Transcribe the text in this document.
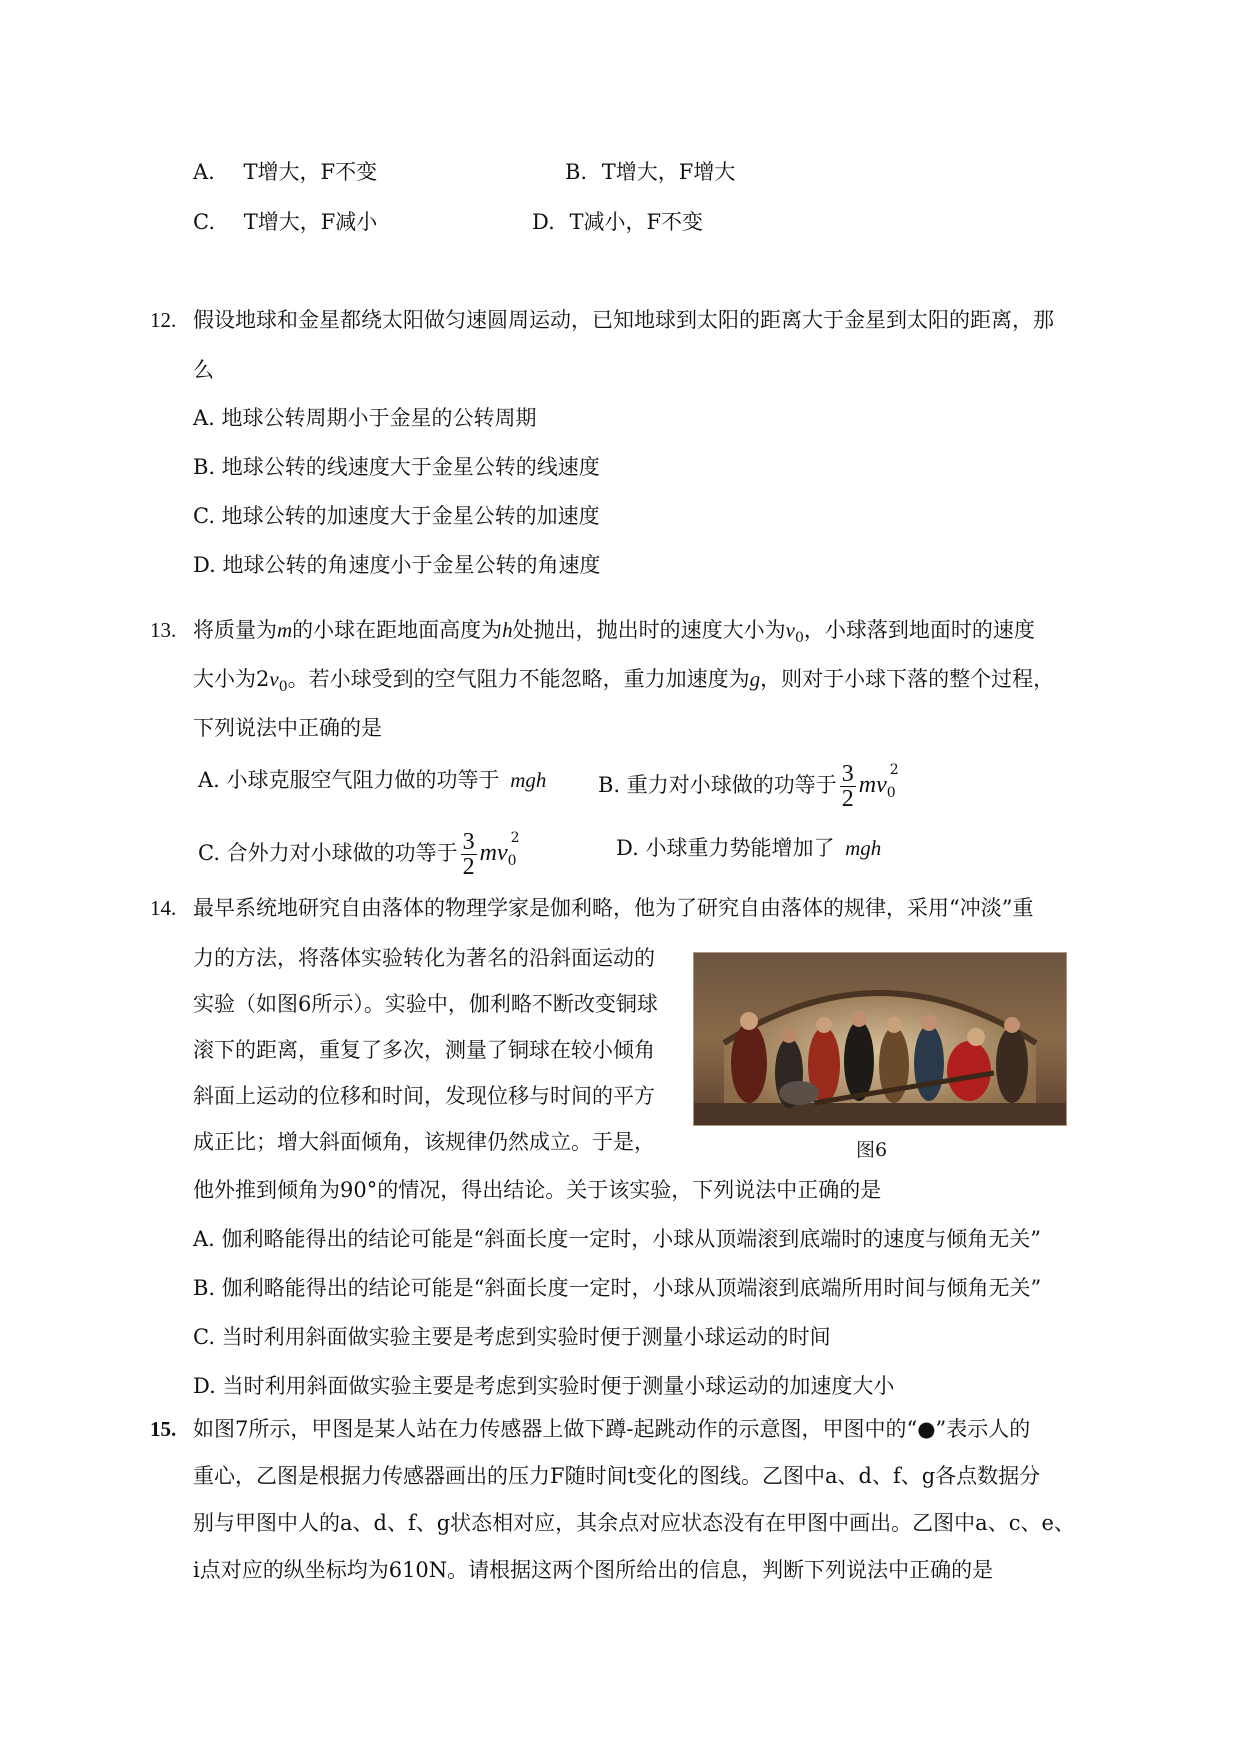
A. T增大，F不变	B. T增大，F增大
C. T增大，F减小	D. T减小，F不变
12. 假设地球和金星都绕太阳做匀速圆周运动，已知地球到太阳的距离大于金星到太阳的距离，那
么
A. 地球公转周期小于金星的公转周期
B. 地球公转的线速度大于金星公转的线速度
C. 地球公转的加速度大于金星公转的加速度
D. 地球公转的角速度小于金星公转的角速度
13. 将质量为m的小球在距地面高度为h处抛出，抛出时的速度大小为$v_0$，小球落到地面时的速度
大小为$2v_0$。若小球受到的空气阻力不能忽略，重力加速度为g，则对于小球下落的整个过程，
下列说法中正确的是
A. 小球克服空气阻力做的功等于 mgh B. 重力对小球做的功等于 $\frac{3}{2} mv_0^2$
C. 合外力对小球做的功等于 $\frac{3}{2} mv_0^2$	D. 小球重力势能增加了 mgh
14. 最早系统地研究自由落体的物理学家是伽利略，他为了研究自由落体的规律，采用“冲淡”重
力的方法，将落体实验转化为著名的沿斜面运动的
实验（如图6所示）。实验中，伽利略不断改变铜球
滚下的距离，重复了多次，测量了铜球在较小倾角
斜面上运动的位移和时间，发现位移与时间的平方
成正比；增大斜面倾角，该规律仍然成立。于是，	图6
他外推到倾角为90°的情况，得出结论。关于该实验，下列说法中正确的是
A. 伽利略能得出的结论可能是“斜面长度一定时，小球从顶端滚到底端时的速度与倾角无关”
B. 伽利略能得出的结论可能是“斜面长度一定时，小球从顶端滚到底端所用时间与倾角无关”
C. 当时利用斜面做实验主要是考虑到实验时便于测量小球运动的时间
D. 当时利用斜面做实验主要是考虑到实验时便于测量小球运动的加速度大小
15. 如图7所示，甲图是某人站在力传感器上做下蹲-起跳动作的示意图，甲图中的“●”表示人的
重心，乙图是根据力传感器画出的压力F随时间t变化的图线。乙图中a、d、f、g各点数据分
别与甲图中人的a、d、f、g状态相对应，其余点对应状态没有在甲图中画出。乙图中a、c、e、
i点对应的纵坐标均为610N。请根据这两个图所给出的信息，判断下列说法中正确的是
